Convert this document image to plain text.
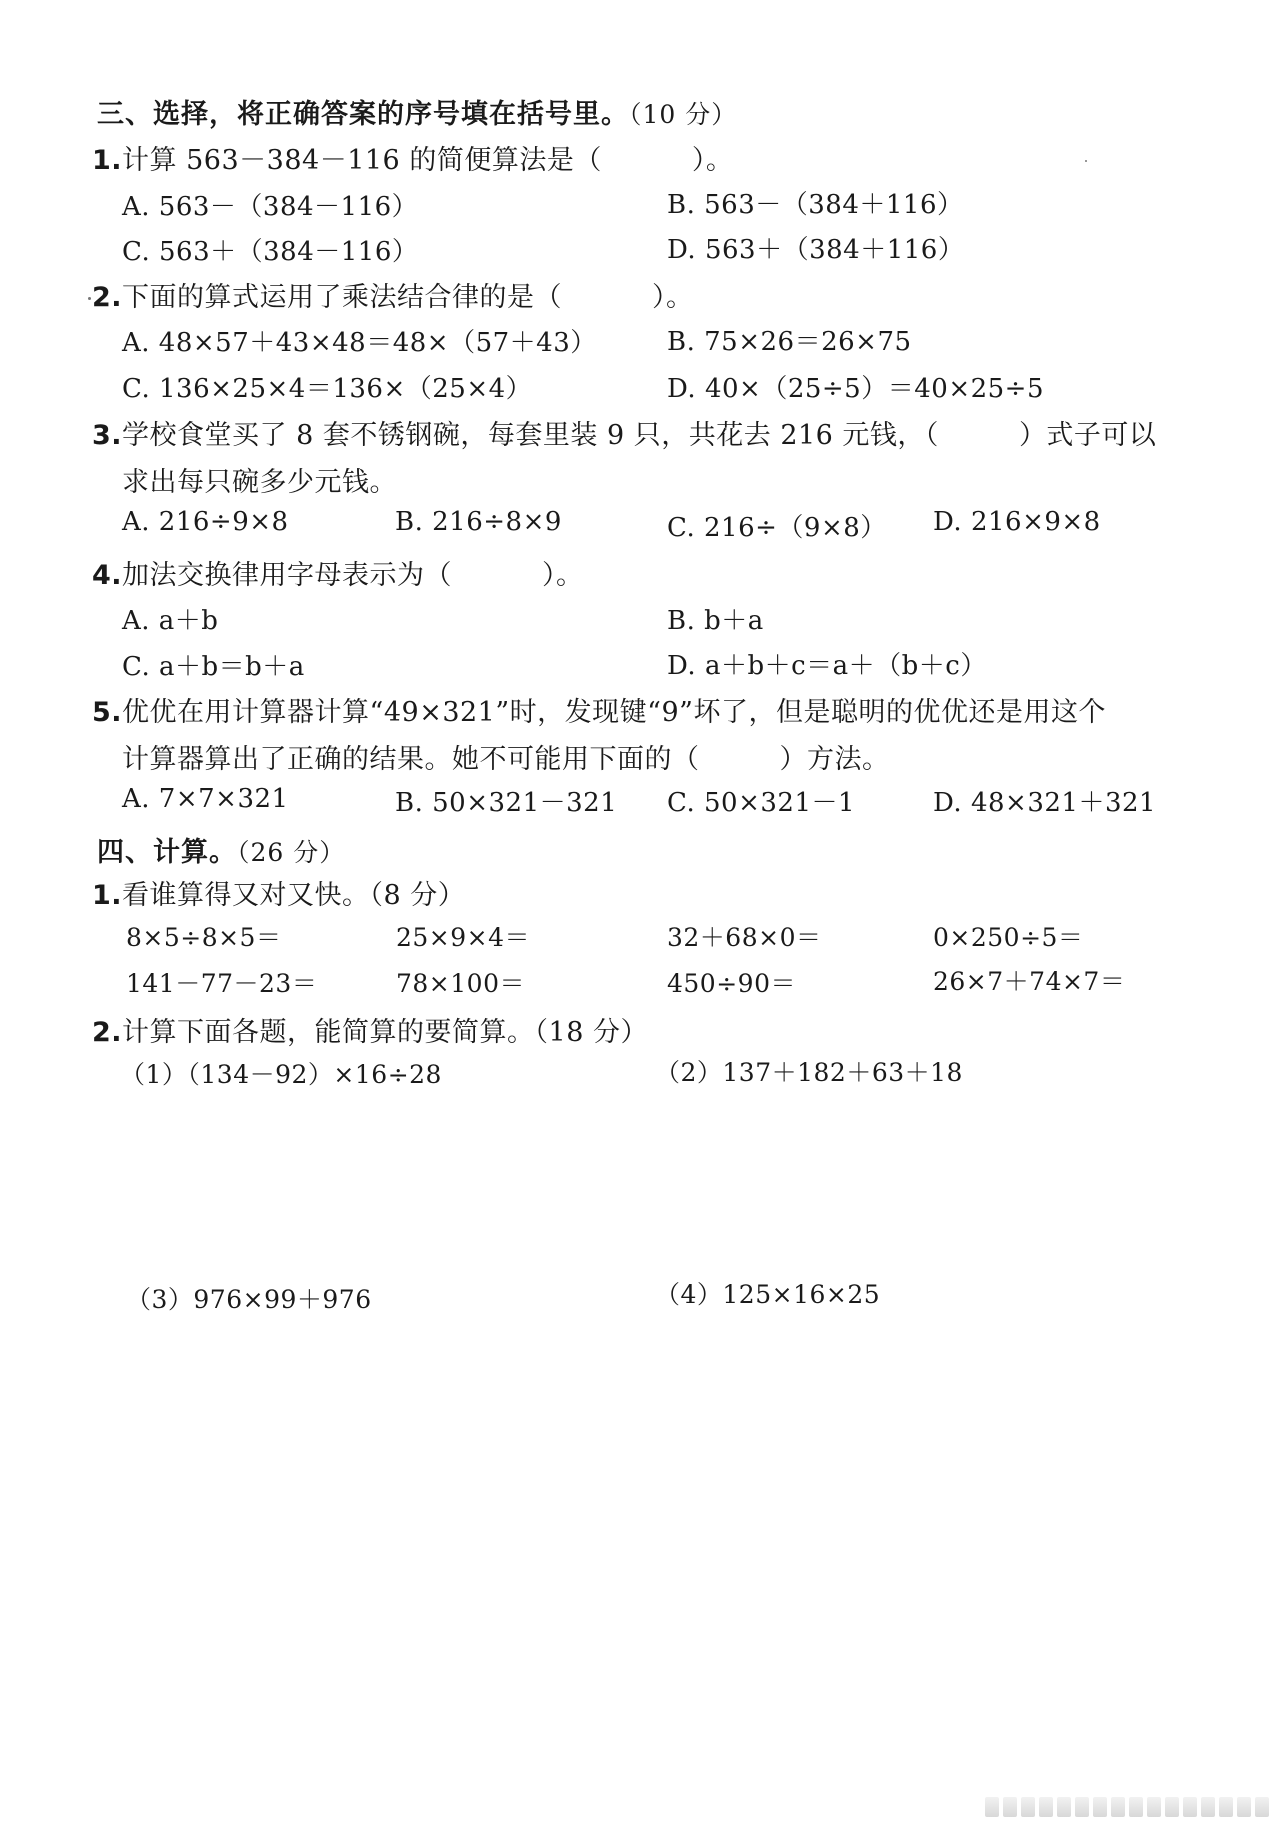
三、选择，将正确答案的序号填在括号里。（10 分）
1.计算 563－384－116 的简便算法是（	）。
A. 563－（384－116）	B. 563－（384＋116）
C. 563＋（384－116）	D. 563＋（384＋116）
2.下面的算式运用了乘法结合律的是（	）。
A. 48×57＋43×48＝48×（57＋43）	B. 75×26＝26×75
C. 136×25×4＝136×（25×4）	D. 40×（25÷5）＝40×25÷5
3.学校食堂买了 8 套不锈钢碗，每套里装 9 只，共花去 216 元钱，（	）式子可以
求出每只碗多少元钱。
A. 216÷9×8	B. 216÷8×9	C. 216÷（9×8） D. 216×9×8
4.加法交换律用字母表示为（	）。
A. a＋b	B. b＋a
C. a＋b＝b＋a	D. a＋b＋c＝a＋（b＋c）
5.优优在用计算器计算“49×321”时，发现键“9”坏了，但是聪明的优优还是用这个
计算器算出了正确的结果。她不可能用下面的（	）方法。
A. 7×7×321	B. 50×321－321 C. 50×321－1	D. 48×321＋321
四、计算。（26 分）
1.看谁算得又对又快。（8 分）
8×5÷8×5＝	25×9×4＝	32＋68×0＝	0×250÷5＝
141－77－23＝	78×100＝	450÷90＝	26×7＋74×7＝
2.计算下面各题，能简算的要简算。（18 分）
（1）（134－92）×16÷28	（2）137＋182＋63＋18
（3）976×99＋976	（4）125×16×25
